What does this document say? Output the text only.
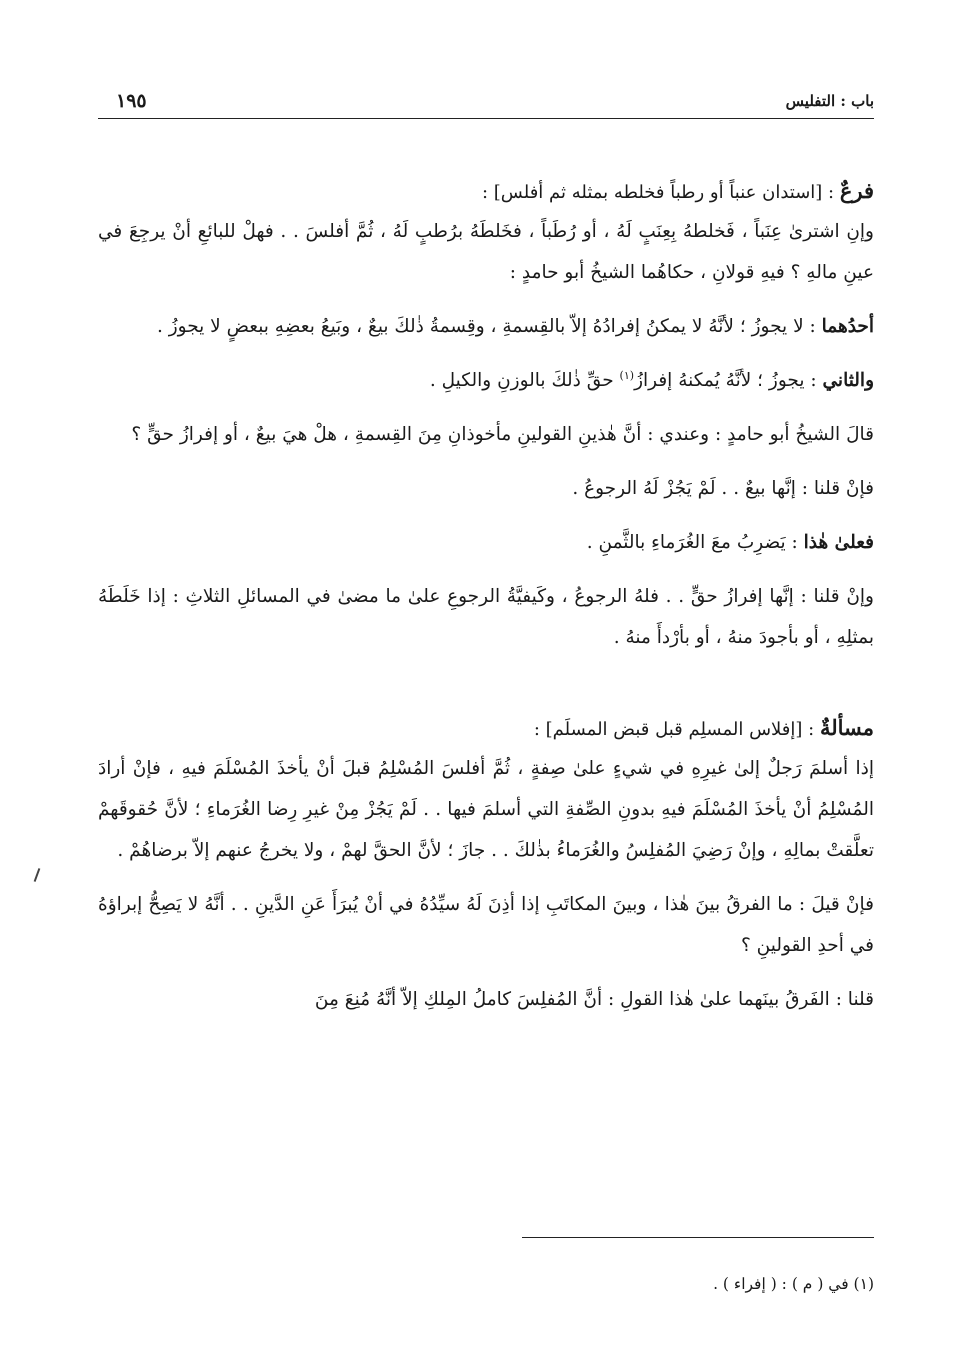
باب : التفليس
١٩٥
فرعٌ : [استدان عنباً أو رطباً فخلطه بمثله ثم أفلس] :

وإنِ اشترىٰ عِنَباً ، فَخلطهُ بِعِنَبٍ لَهُ ، أو رُطَباً ، فخَلطَهُ برُطبٍ لَهُ ، ثُمَّ أفلسَ . . فهلْ للبائعِ أنْ يرجِعَ في عينِ مالهِ ؟ فيهِ قولانِ ، حكاهُما الشيخُ أبو حامدٍ :

أحدُهما : لا يجوزُ ؛ لأنَّهُ لا يمكنُ إفرادُهُ إلاّ بالقِسمةِ ، وقِسمةُ ذٰلكَ بيعٌ ، وبَيعُ بعضِهِ ببعضٍ لا يجوزُ .

والثاني : يجوزُ ؛ لأنَّهُ يُمكنهُ إفرازُ$^{(١)}$ حقِّ ذٰلكَ بالوزنِ والكيلِ .

قالَ الشيخُ أبو حامدٍ : وعندي : أنَّ هٰذينِ القولينِ مأخوذانِ مِنَ القِسمةِ ، هلْ هيَ بيعٌ ، أو إفرازُ حقٍّ ؟

فإنْ قلنا : إنَّها بيعٌ . . لَمْ يَجُزْ لَهُ الرجوعُ .

فعلىٰ هٰذا : يَضرِبُ معَ الغُرَماءِ بالثَّمنِ .

وإنْ قلنا : إنَّها إفرازُ حقٍّ . . فلهُ الرجوعُ ، وكَيفيَّةُ الرجوعِ علىٰ ما مضىٰ في المسائلِ الثلاثِ : إذا خَلَطَهُ بمثلِهِ ، أو بأجودَ منهُ ، أو بأرْدأَ منهُ .

مسألةٌ : [إفلاس المسلِم قبل قبض المسلَم] :

إذا أسلمَ رَجلٌ إلىٰ غيرِهِ في شيءٍ علىٰ صِفةٍ ، ثُمَّ أفلسَ المُسْلِمُ قبلَ أنْ يأخذَ المُسْلَمَ فيهِ ، فإنْ أرادَ المُسْلِمُ أنْ يأخذَ المُسْلَمَ فيهِ بدونِ الصِّفةِ التي أسلمَ فيها . . لَمْ يَجُزْ مِنْ غيرِ رِضا الغُرَماءِ ؛ لأنَّ حُقوقَهمْ تعلَّقتْ بمالِهِ ، وإنْ رَضِيَ المُفلِسُ والغُرَماءُ بذٰلكَ . . جازَ ؛ لأنَّ الحقَّ لهمْ ، ولا يخرجُ عنهم إلاّ برضاهُمْ .

فإنْ قيلَ : ما الفرقُ بينَ هٰذا ، وبينَ المكاتَبِ إذا أذِنَ لَهُ سيِّدُهُ في أنْ يُبرَأَ عَنِ الدَّينِ . . أنَّهُ لا يَصِحُّ إبراؤهُ في أحدِ القولينِ ؟

قلنا : الفَرقُ بينَهما علىٰ هٰذا القولِ : أنَّ المُفلِسَ كاملُ المِلكِ إلاّ أنَّهُ مُنِعَ مِنَ

(١) في ( م ) : ( إفراء ) .
